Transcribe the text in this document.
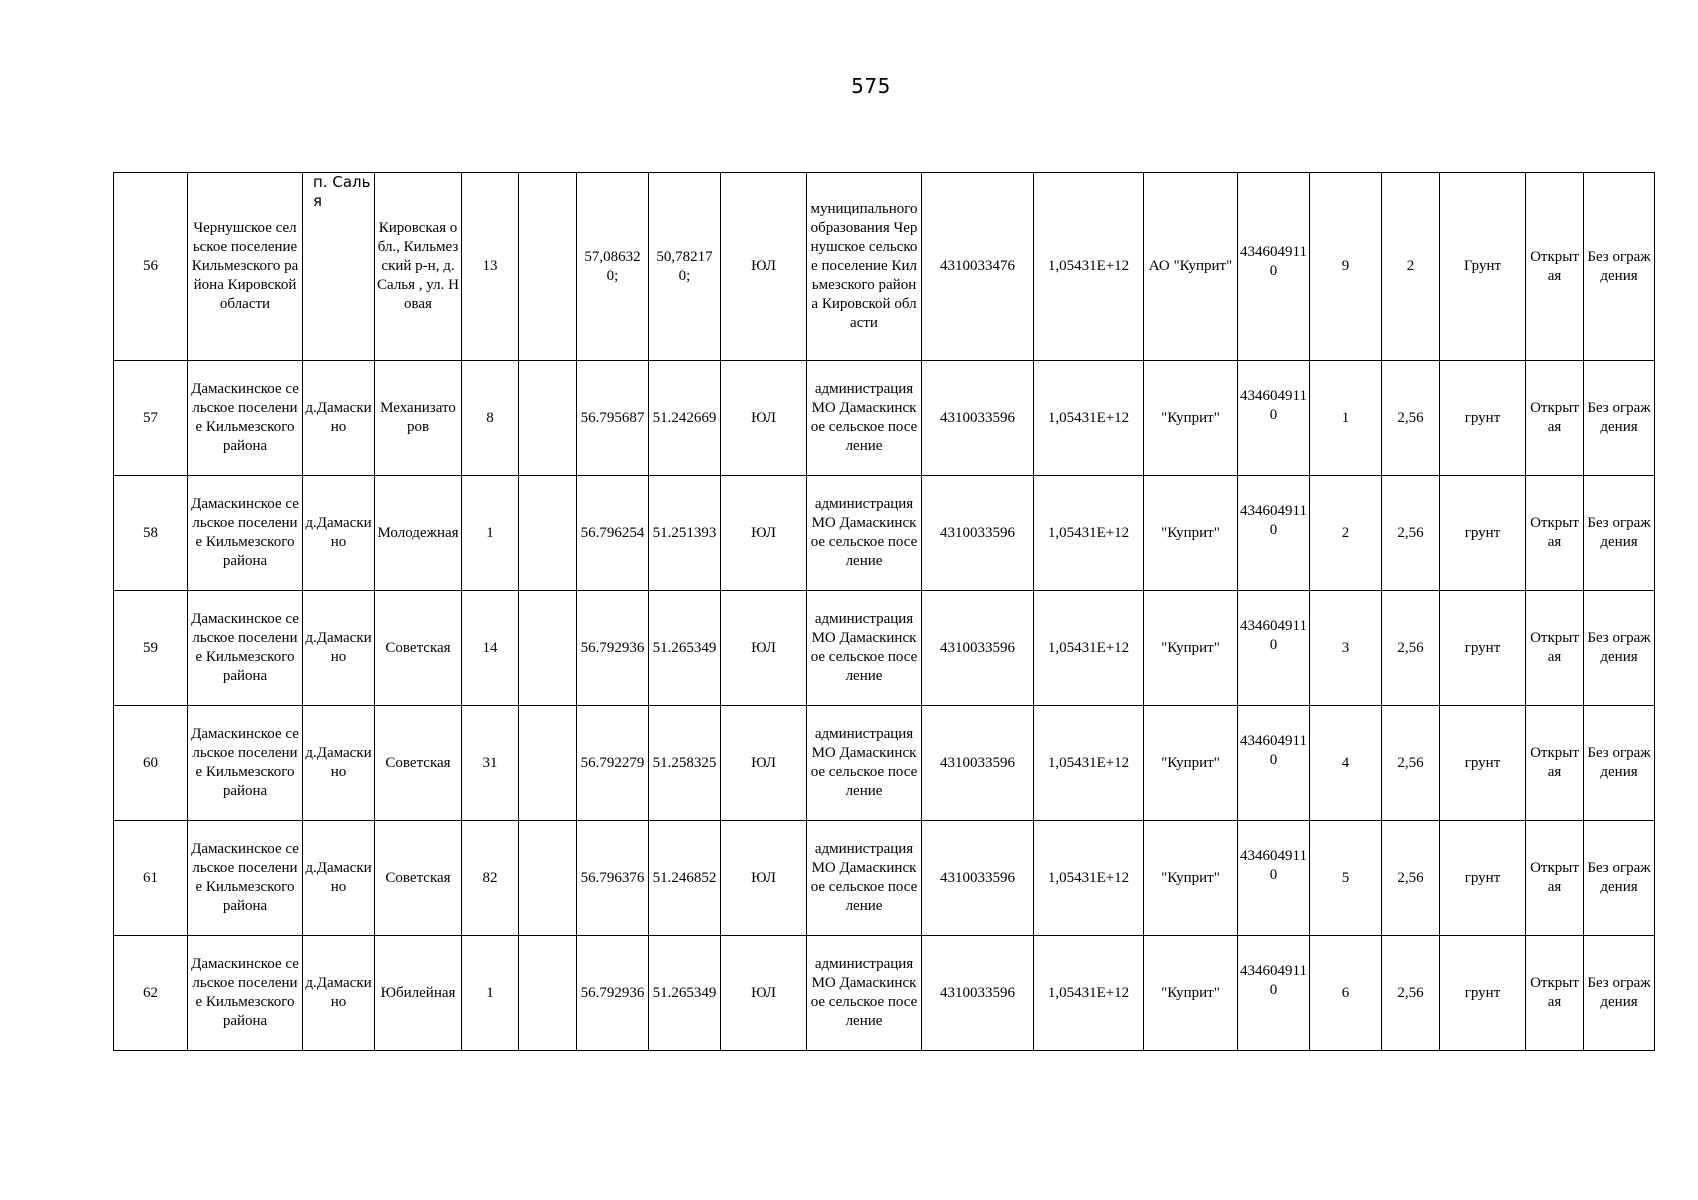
575
56	Чернушское сельское поселение Кильмезского района Кировской области	п. Салья	Кировская обл., Кильмезский р-н, д.Салья , ул. Новая	13		57,086320;	50,782170;	ЮЛ	муниципального образования Чернушское сельское поселение Кильмезского района Кировской области	4310033476	1,05431E+12	АО "Куприт"	4346049110	9	2	Грунт	Открытая	Без ограждения
57	Дамаскинское сельское поселение Кильмезского района	д.Дамаскино	Механизаторов	8		56.795687	51.242669	ЮЛ	администрация МО Дамаскинское сельское поселение	4310033596	1,05431E+12	"Куприт"	4346049110	1	2,56	грунт	Открытая	Без ограждения
58	Дамаскинское сельское поселение Кильмезского района	д.Дамаскино	Молодежная	1		56.796254	51.251393	ЮЛ	администрация МО Дамаскинское сельское поселение	4310033596	1,05431E+12	"Куприт"	4346049110	2	2,56	грунт	Открытая	Без ограждения
59	Дамаскинское сельское поселение Кильмезского района	д.Дамаскино	Советская	14		56.792936	51.265349	ЮЛ	администрация МО Дамаскинское сельское поселение	4310033596	1,05431E+12	"Куприт"	4346049110	3	2,56	грунт	Открытая	Без ограждения
60	Дамаскинское сельское поселение Кильмезского района	д.Дамаскино	Советская	31		56.792279	51.258325	ЮЛ	администрация МО Дамаскинское сельское поселение	4310033596	1,05431E+12	"Куприт"	4346049110	4	2,56	грунт	Открытая	Без ограждения
61	Дамаскинское сельское поселение Кильмезского района	д.Дамаскино	Советская	82		56.796376	51.246852	ЮЛ	администрация МО Дамаскинское сельское поселение	4310033596	1,05431E+12	"Куприт"	4346049110	5	2,56	грунт	Открытая	Без ограждения
62	Дамаскинское сельское поселение Кильмезского района	д.Дамаскино	Юбилейная	1		56.792936	51.265349	ЮЛ	администрация МО Дамаскинское сельское поселение	4310033596	1,05431E+12	"Куприт"	4346049110	6	2,56	грунт	Открытая	Без ограждения
